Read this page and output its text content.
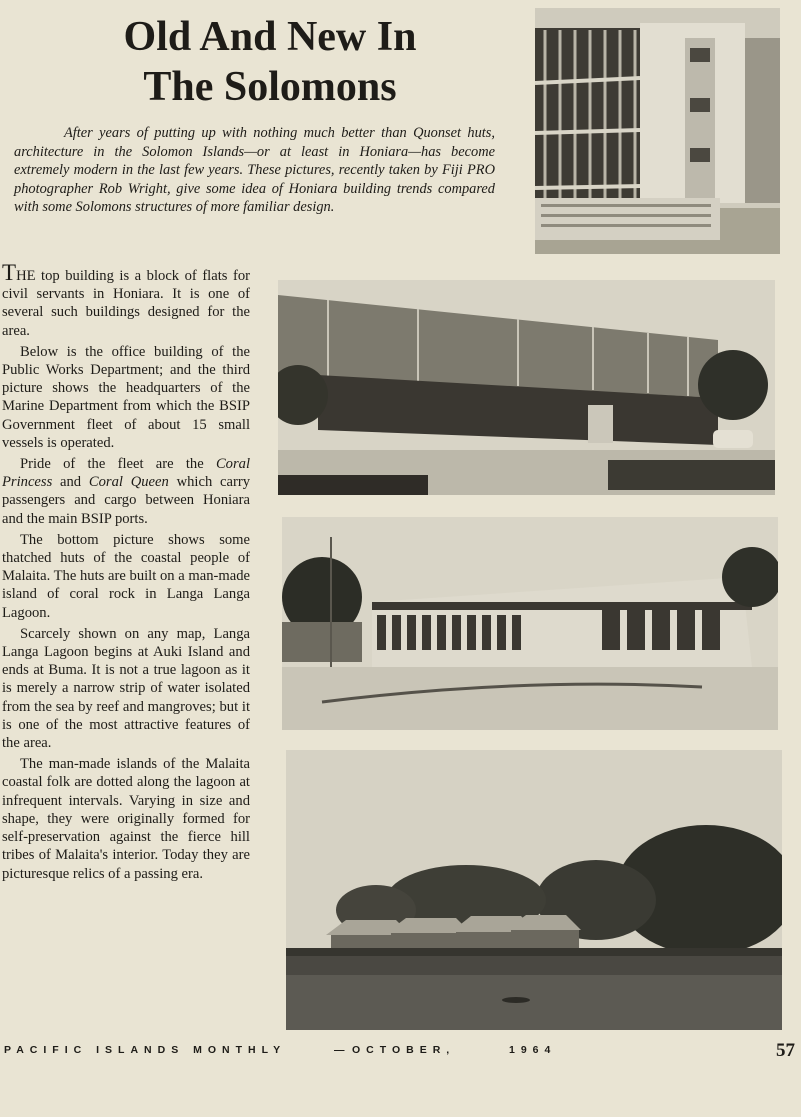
Old And New In
The Solomons

After years of putting up with nothing much better than Quonset huts, architecture in the Solomon Islands—or at least in Honiara—has become extremely modern in the last few years. These pictures, recently taken by Fiji PRO photographer Rob Wright, give some idea of Honiara building trends compared with some Solomons structures of more familiar design.

THE top building is a block of flats for civil servants in Honiara. It is one of several such buildings designed for the area.

Below is the office building of the Public Works Department; and the third picture shows the headquarters of the Marine Department from which the BSIP Government fleet of about 15 small vessels is operated.

Pride of the fleet are the Coral Princess and Coral Queen which carry passengers and cargo between Honiara and the main BSIP ports.

The bottom picture shows some thatched huts of the coastal people of Malaita. The huts are built on a man-made island of coral rock in Langa Langa Lagoon.

Scarcely shown on any map, Langa Langa Lagoon begins at Auki Island and ends at Buma. It is not a true lagoon as it is merely a narrow strip of water isolated from the sea by reef and mangroves; but it is one of the most attractive features of the area.

The man-made islands of the Malaita coastal folk are dotted along the lagoon at infrequent intervals. Varying in size and shape, they were originally formed for self-preservation against the fierce hill tribes of Malaita's interior. Today they are picturesque relics of a passing era.

PACIFIC ISLANDS MONTHLY	— OCTOBER,	1964	57
